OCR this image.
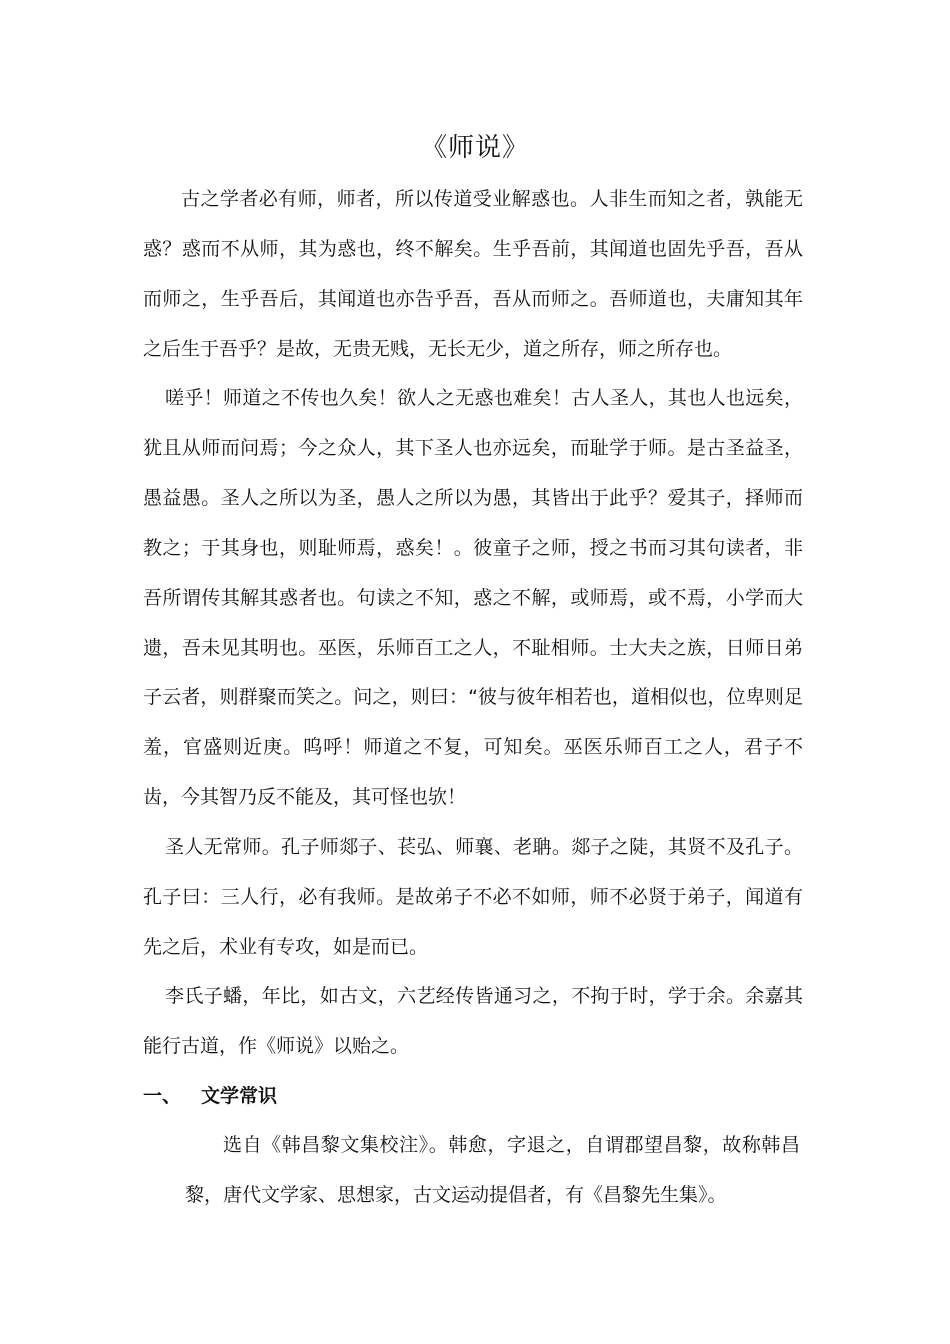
《师说》

古之学者必有师，师者，所以传道受业解惑也。人非生而知之者，孰能无惑？惑而不从师，其为惑也，终不解矣。生乎吾前，其闻道也固先乎吾，吾从而师之，生乎吾后，其闻道也亦告乎吾，吾从而师之。吾师道也，夫庸知其年之后生于吾乎？是故，无贵无贱，无长无少，道之所存，师之所存也。

嗟乎！师道之不传也久矣！欲人之无惑也难矣！古人圣人，其也人也远矣，犹且从师而问焉；今之众人，其下圣人也亦远矣，而耻学于师。是古圣益圣，愚益愚。圣人之所以为圣，愚人之所以为愚，其皆出于此乎？爱其子，择师而教之；于其身也，则耻师焉，惑矣！。彼童子之师，授之书而习其句读者，非吾所谓传其解其惑者也。句读之不知，惑之不解，或师焉，或不焉，小学而大遗，吾未见其明也。巫医，乐师百工之人，不耻相师。士大夫之族，日师日弟子云者，则群聚而笑之。问之，则曰：“彼与彼年相若也，道相似也，位卑则足羞，官盛则近庚。呜呼！师道之不复，可知矣。巫医乐师百工之人，君子不齿，今其智乃反不能及，其可怪也欤！

圣人无常师。孔子师郯子、苌弘、师襄、老聃。郯子之陡，其贤不及孔子。孔子曰：三人行，必有我师。是故弟子不必不如师，师不必贤于弟子，闻道有先之后，术业有专攻，如是而已。

李氏子蟠，年比，如古文，六艺经传皆通习之，不拘于时，学于余。余嘉其能行古道，作《师说》以贻之。

一、 文学常识

选自《韩昌黎文集校注》。韩愈，字退之，自谓郡望昌黎，故称韩昌黎，唐代文学家、思想家，古文运动提倡者，有《昌黎先生集》。
